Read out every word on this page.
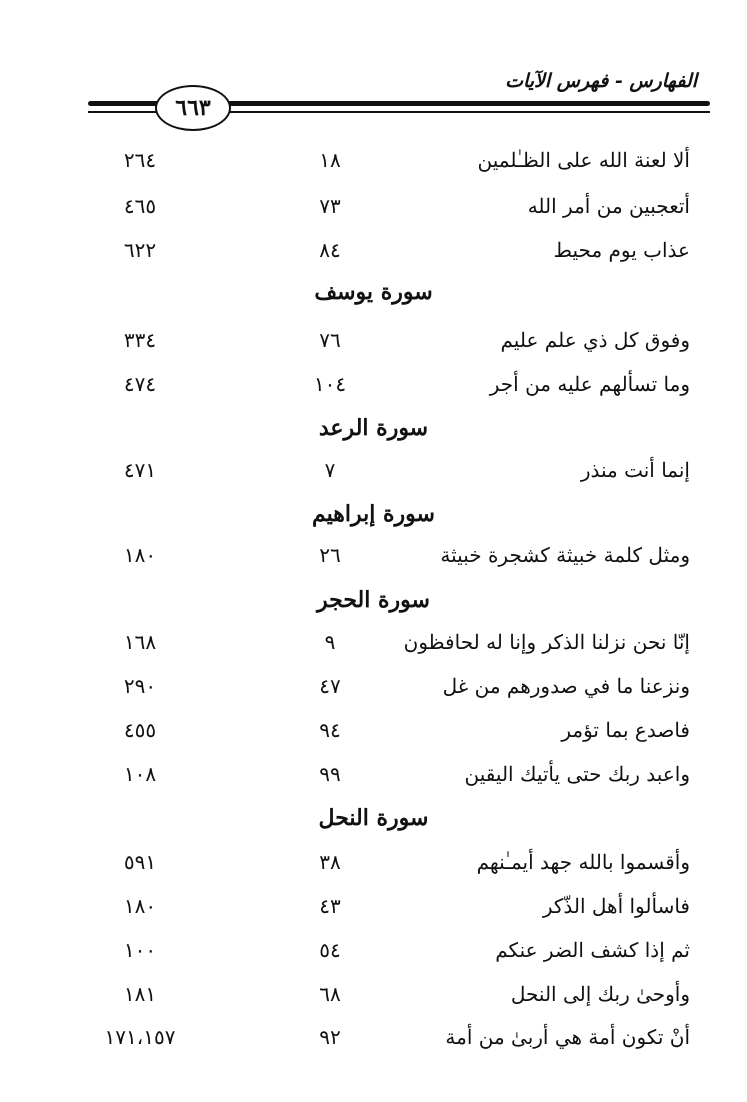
الفهارس - فهرس الآيات
٦٦٣
ألا لعنة الله على الظـٰلمين
١٨
٢٦٤
أتعجبين من أمر الله
٧٣
٤٦٥
عذاب يوم محيط
٨٤
٦٢٢
سورة يوسف
وفوق كل ذي علم عليم
٧٦
٣٣٤
وما تسألهم عليه من أجر
١٠٤
٤٧٤
سورة الرعد
إنما أنت منذر
٧
٤٧١
سورة إبراهيم
ومثل كلمة خبيثة كشجرة خبيثة
٢٦
١٨٠
سورة الحجر
إنّا نحن نزلنا الذكر وإنا له لحافظون
٩
١٦٨
ونزعنا ما في صدورهم من غل
٤٧
٢٩٠
فاصدع بما تؤمر
٩٤
٤٥٥
واعبد ربك حتى يأتيك اليقين
٩٩
١٠٨
سورة النحل
وأقسموا بالله جهد أيمـٰنهم
٣٨
٥٩١
فاسألوا أهل الذّكر
٤٣
١٨٠
ثم إذا كشف الضر عنكم
٥٤
١٠٠
وأوحىٰ ربك إلى النحل
٦٨
١٨١
أنْ تكون أمة هي أربىٰ من أمة
٩٢
١٧١،١٥٧
